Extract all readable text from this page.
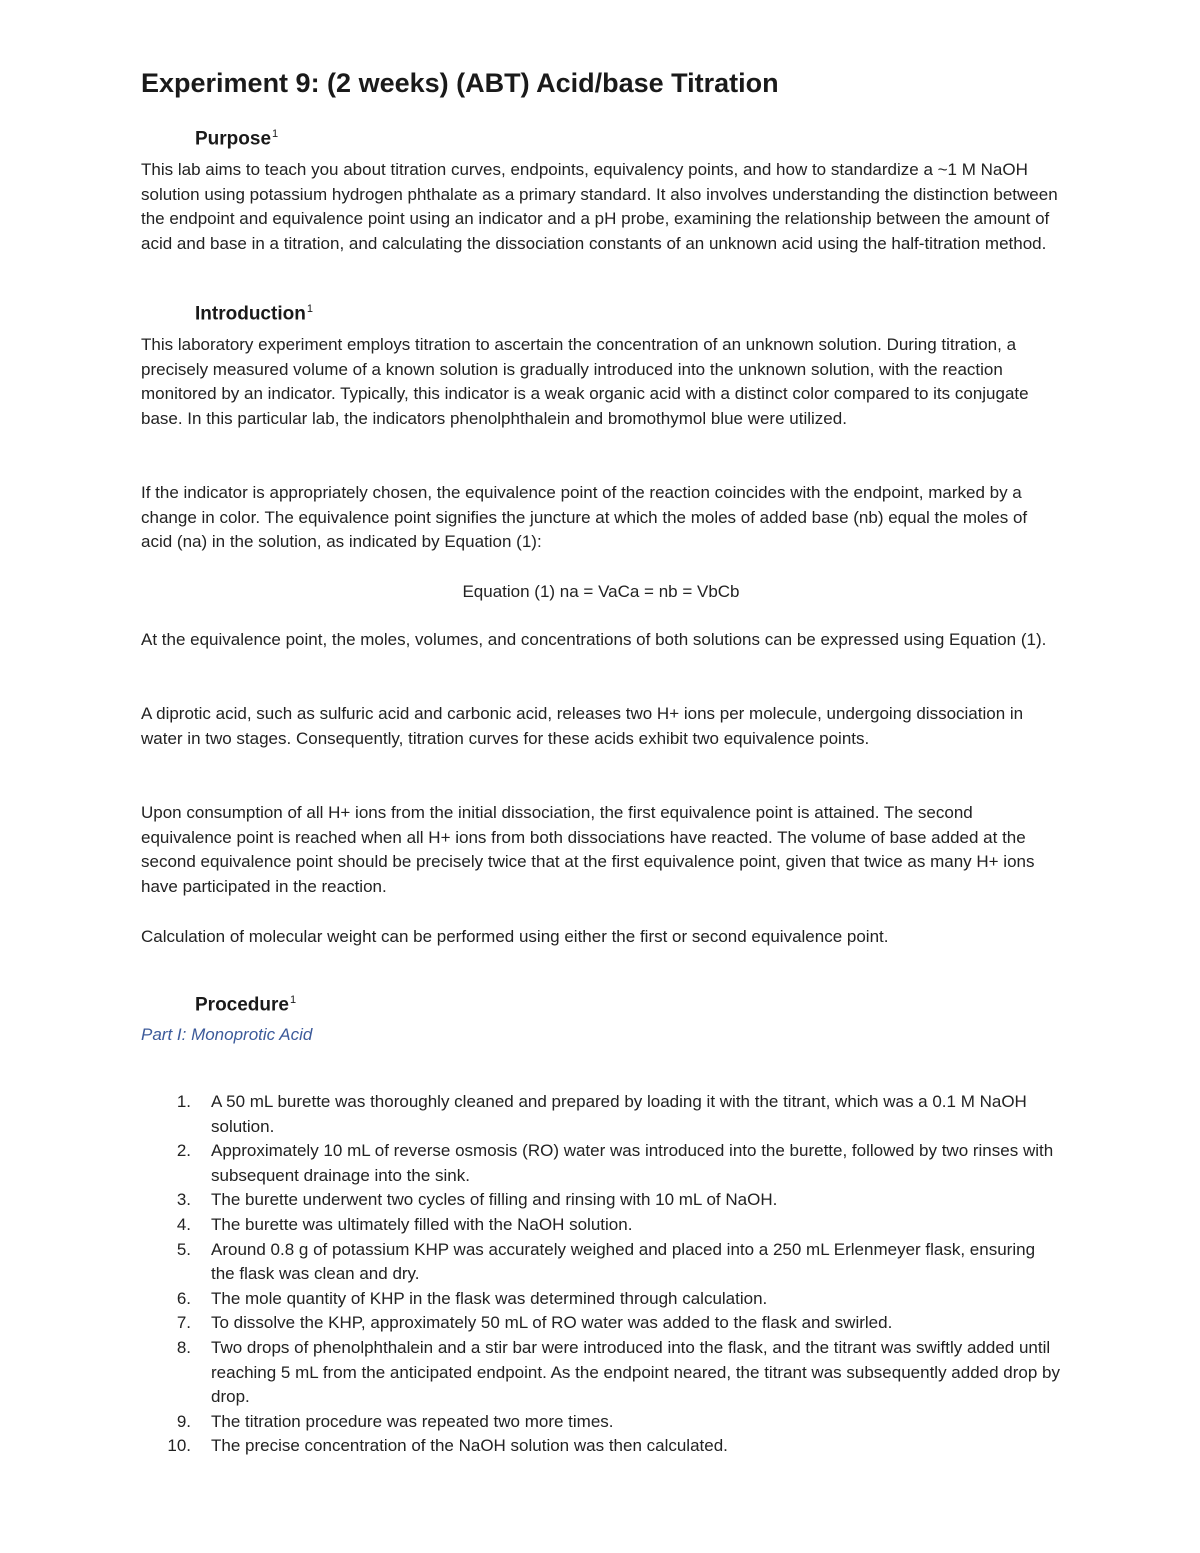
Experiment 9: (2 weeks) (ABT) Acid/base Titration
Purpose$^1$

This lab aims to teach you about titration curves, endpoints, equivalency points, and how to standardize a ~1 M NaOH solution using potassium hydrogen phthalate as a primary standard. It also involves understanding the distinction between the endpoint and equivalence point using an indicator and a pH probe, examining the relationship between the amount of acid and base in a titration, and calculating the dissociation constants of an unknown acid using the half-titration method.

Introduction$^1$

This laboratory experiment employs titration to ascertain the concentration of an unknown solution. During titration, a precisely measured volume of a known solution is gradually introduced into the unknown solution, with the reaction monitored by an indicator. Typically, this indicator is a weak organic acid with a distinct color compared to its conjugate base. In this particular lab, the indicators phenolphthalein and bromothymol blue were utilized.

If the indicator is appropriately chosen, the equivalence point of the reaction coincides with the endpoint, marked by a change in color. The equivalence point signifies the juncture at which the moles of added base (nb) equal the moles of acid (na) in the solution, as indicated by Equation (1):

Equation (1) na = VaCa = nb = VbCb

At the equivalence point, the moles, volumes, and concentrations of both solutions can be expressed using Equation (1).

A diprotic acid, such as sulfuric acid and carbonic acid, releases two H+ ions per molecule, undergoing dissociation in water in two stages. Consequently, titration curves for these acids exhibit two equivalence points.

Upon consumption of all H+ ions from the initial dissociation, the first equivalence point is attained. The second equivalence point is reached when all H+ ions from both dissociations have reacted. The volume of base added at the second equivalence point should be precisely twice that at the first equivalence point, given that twice as many H+ ions have participated in the reaction.

Calculation of molecular weight can be performed using either the first or second equivalence point.

Procedure$^1$

Part I: Monoprotic Acid

1. A 50 mL burette was thoroughly cleaned and prepared by loading it with the titrant, which was a 0.1 M NaOH solution.
2. Approximately 10 mL of reverse osmosis (RO) water was introduced into the burette, followed by two rinses with subsequent drainage into the sink.
3. The burette underwent two cycles of filling and rinsing with 10 mL of NaOH.
4. The burette was ultimately filled with the NaOH solution.
5. Around 0.8 g of potassium KHP was accurately weighed and placed into a 250 mL Erlenmeyer flask, ensuring the flask was clean and dry.
6. The mole quantity of KHP in the flask was determined through calculation.
7. To dissolve the KHP, approximately 50 mL of RO water was added to the flask and swirled.
8. Two drops of phenolphthalein and a stir bar were introduced into the flask, and the titrant was swiftly added until reaching 5 mL from the anticipated endpoint. As the endpoint neared, the titrant was subsequently added drop by drop.
9. The titration procedure was repeated two more times.
10. The precise concentration of the NaOH solution was then calculated.
